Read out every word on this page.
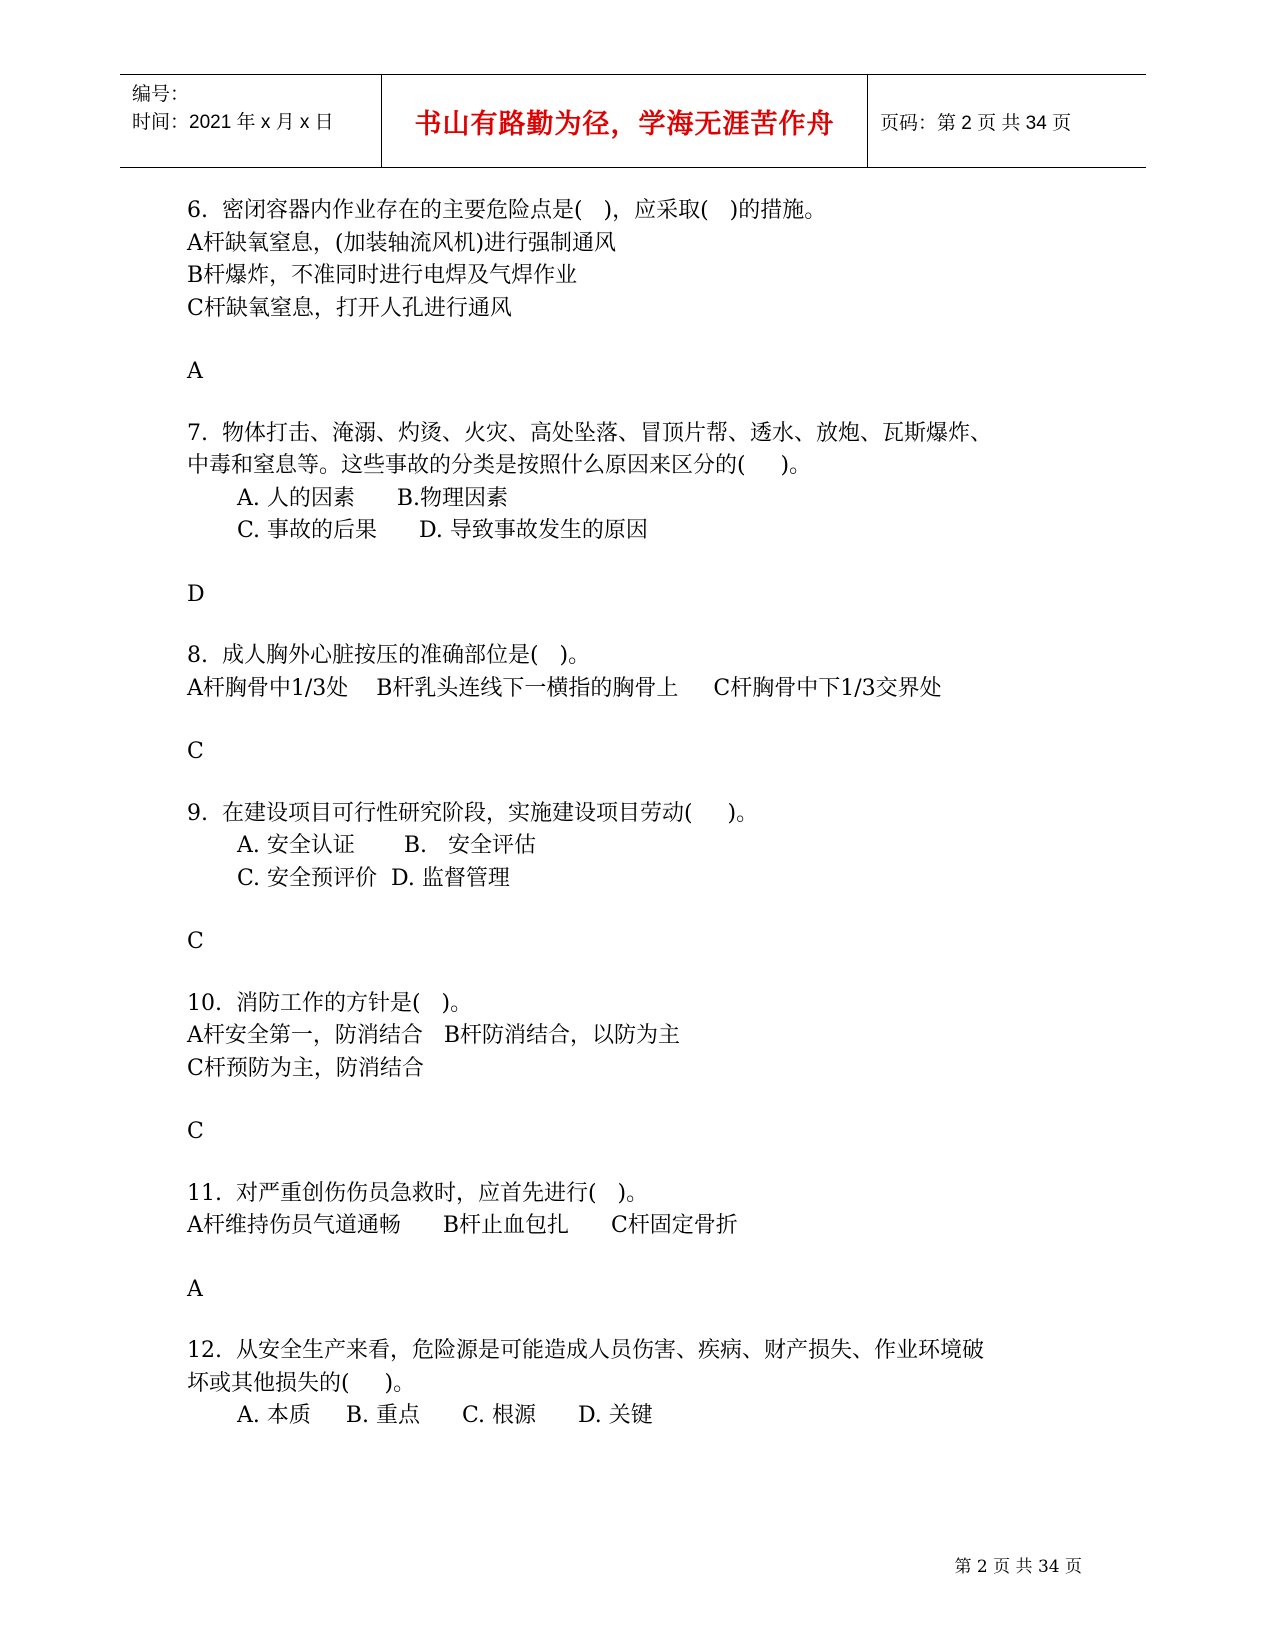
编号：
时间：2021 年 x 月 x 日	书山有路勤为径，学海无涯苦作舟	页码：第 2 页 共 34 页
6.  密闭容器内作业存在的主要危险点是(   )，应采取(   )的措施。
A杆缺氧窒息，(加装轴流风机)进行强制通风
B杆爆炸，不准同时进行电焊及气焊作业
C杆缺氧窒息，打开人孔进行通风
A
7.  物体打击、淹溺、灼烫、火灾、高处坠落、冒顶片帮、透水、放炮、瓦斯爆炸、
中毒和窒息等。这些事故的分类是按照什么原因来区分的(     )。
A. 人的因素      B.物理因素
C. 事故的后果      D. 导致事故发生的原因
D
8.  成人胸外心脏按压的准确部位是(   )。
A杆胸骨中1/3处    B杆乳头连线下一横指的胸骨上     C杆胸骨中下1/3交界处
C
9.  在建设项目可行性研究阶段，实施建设项目劳动(     )。
A. 安全认证       B.   安全评估
C. 安全预评价  D. 监督管理
C
10.  消防工作的方针是(   )。
A杆安全第一，防消结合   B杆防消结合，以防为主
C杆预防为主，防消结合
C
11.  对严重创伤伤员急救时，应首先进行(   )。
A杆维持伤员气道通畅      B杆止血包扎      C杆固定骨折
A
12.  从安全生产来看，危险源是可能造成人员伤害、疾病、财产损失、作业环境破
坏或其他损失的(     )。
A. 本质     B. 重点      C. 根源      D. 关键
第 2 页 共 34 页
